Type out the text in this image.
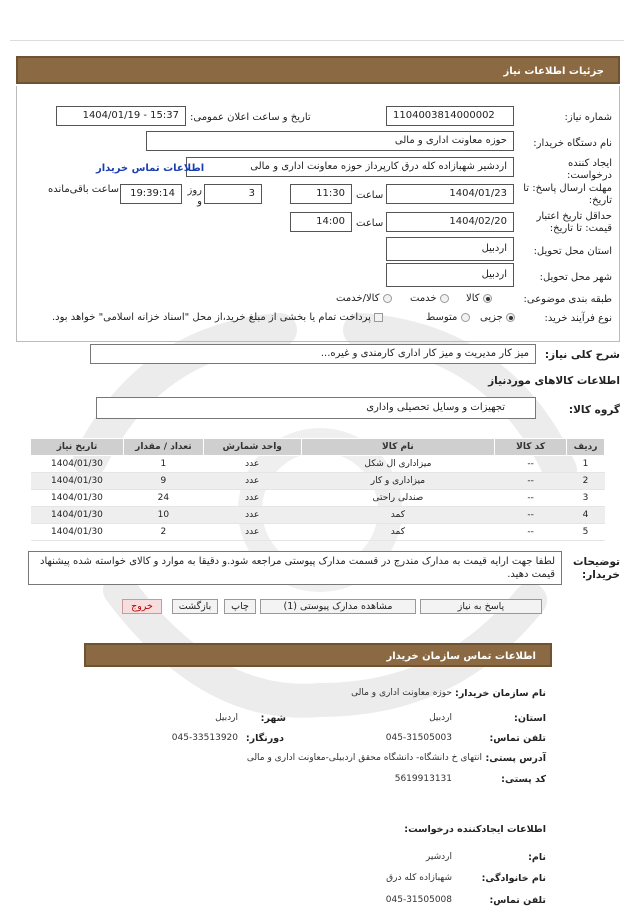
جزئیات اطلاعات نیاز
شماره نیاز:
1104003814000002
تاریخ و ساعت اعلان عمومی:
1404/01/19 - 15:37
نام دستگاه خریدار:
حوزه معاونت اداری و مالی
ایجاد کننده درخواست:
اردشیر شهبازاده کله درق کارپرداز حوزه معاونت اداری و مالی
اطلاعات تماس خریدار
مهلت ارسال پاسخ: تا تاریخ:
1404/01/23
ساعت
11:30
3
روز و
19:39:14
ساعت باقی‌مانده
حداقل تاریخ اعتبار قیمت: تا تاریخ:
1404/02/20
ساعت
14:00
استان محل تحویل:
اردبیل
شهر محل تحویل:
اردبیل
طبقه بندی موضوعی:
کالا
خدمت
کالا/خدمت
نوع فرآیند خرید:
جزیی
متوسط
پرداخت تمام یا بخشی از مبلغ خرید،از محل "اسناد خزانه اسلامی" خواهد بود.
شرح کلی نیاز:
میز کار مدیریت و میز کار اداری کارمندی و غیره...
اطلاعات کالاهای موردنیاز
گروه کالا:
تجهیزات و وسایل تحصیلی واداری
ردیف	کد کالا	نام کالا	واحد شمارش	تعداد / مقدار	تاریخ نیاز
1	--	میزاداری ال شکل	عدد	1	1404/01/30
2	--	میزاداری و کار	عدد	9	1404/01/30
3	--	صندلی راحتی	عدد	24	1404/01/30
4	--	کمد	عدد	10	1404/01/30
5	--	کمد	عدد	2	1404/01/30
توضیحات خریدار:
لطفا جهت ارایه قیمت به مدارک مندرج در قسمت مدارک پیوستی مراجعه شود.و دقیقا به موارد و کالای خواسته شده پیشنهاد قیمت دهید.
پاسخ به نیاز
مشاهده مدارک پیوستی (1)
چاپ
بازگشت
خروج
اطلاعات تماس سازمان خریدار
نام سازمان خریدار:
حوزه معاونت اداری و مالی
استان:
اردبیل
شهر:
اردبیل
تلفن تماس:
045-31505003
دورنگار:
045-33513920
آدرس پستی:
انتهای خ دانشگاه- دانشگاه محقق اردبیلی-معاونت اداری و مالی
کد پستی:
5619913131
اطلاعات ایجادکننده درخواست:
نام:
اردشیر
نام خانوادگی:
شهبازاده کله درق
تلفن تماس:
045-31505008
